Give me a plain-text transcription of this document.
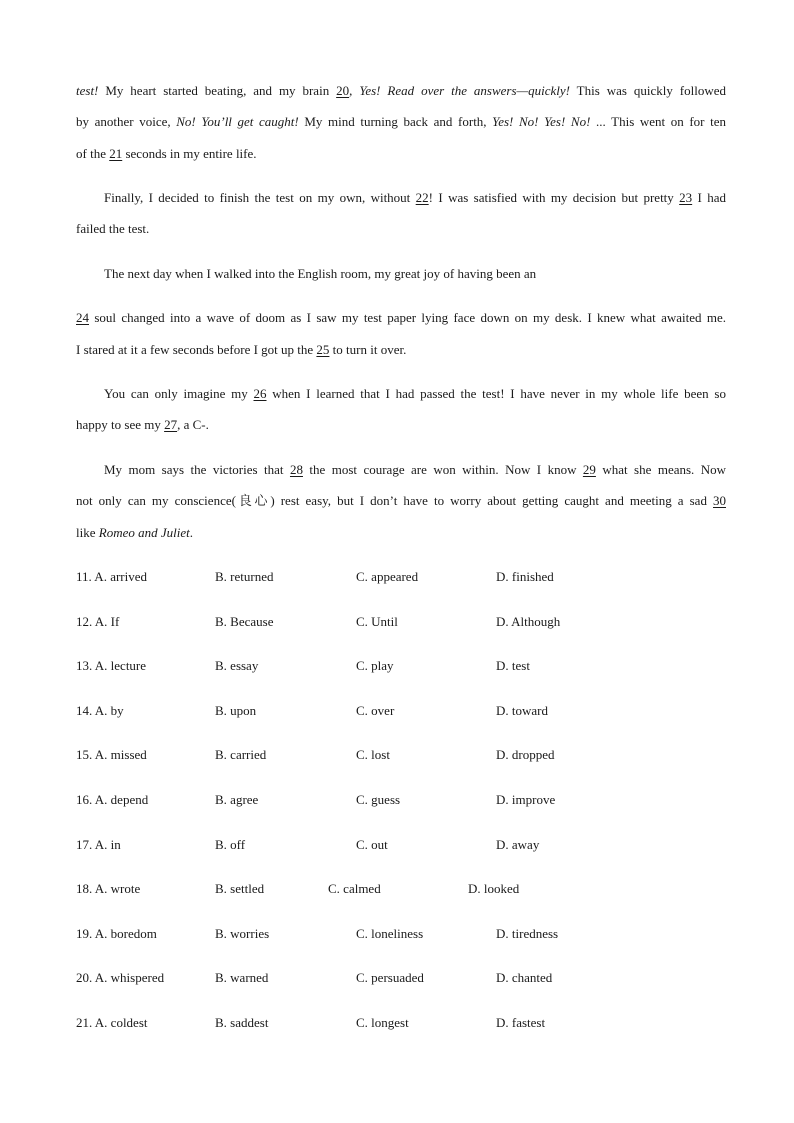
test! My heart started beating, and my brain 20, Yes! Read over the answers—quickly! This was quickly followed
by another voice, No! You’ll get caught! My mind turning back and forth, Yes! No! Yes! No! ... This went on for ten
of the 21 seconds in my entire life.
Finally, I decided to finish the test on my own, without 22! I was satisfied with my decision but pretty 23 I had
failed the test.
The next day when I walked into the English room, my great joy of having been an
24 soul changed into a wave of doom as I saw my test paper lying face down on my desk. I knew what awaited me.
I stared at it a few seconds before I got up the 25 to turn it over.
You can only imagine my 26 when I learned that I had passed the test! I have never in my whole life been so
happy to see my 27, a C-.
My mom says the victories that 28 the most courage are won within. Now I know 29 what she means. Now
not only can my conscience(良心) rest easy, but I don’t have to worry about getting caught and meeting a sad 30
like Romeo and Juliet.
11. A. arrived	B. returned	C. appeared	D. finished
12. A. If	B. Because	C. Until	D. Although
13. A. lecture	B. essay	C. play	D. test
14. A. by	B. upon	C. over	D. toward
15. A. missed	B. carried	C. lost	D. dropped
16. A. depend	B. agree	C. guess	D. improve
17. A. in	B. off	C. out	D. away
18. A. wrote	B. settled	C. calmed	D. looked
19. A. boredom	B. worries	C. loneliness	D. tiredness
20. A. whispered	B. warned	C. persuaded	D. chanted
21. A. coldest	B. saddest	C. longest	D. fastest
